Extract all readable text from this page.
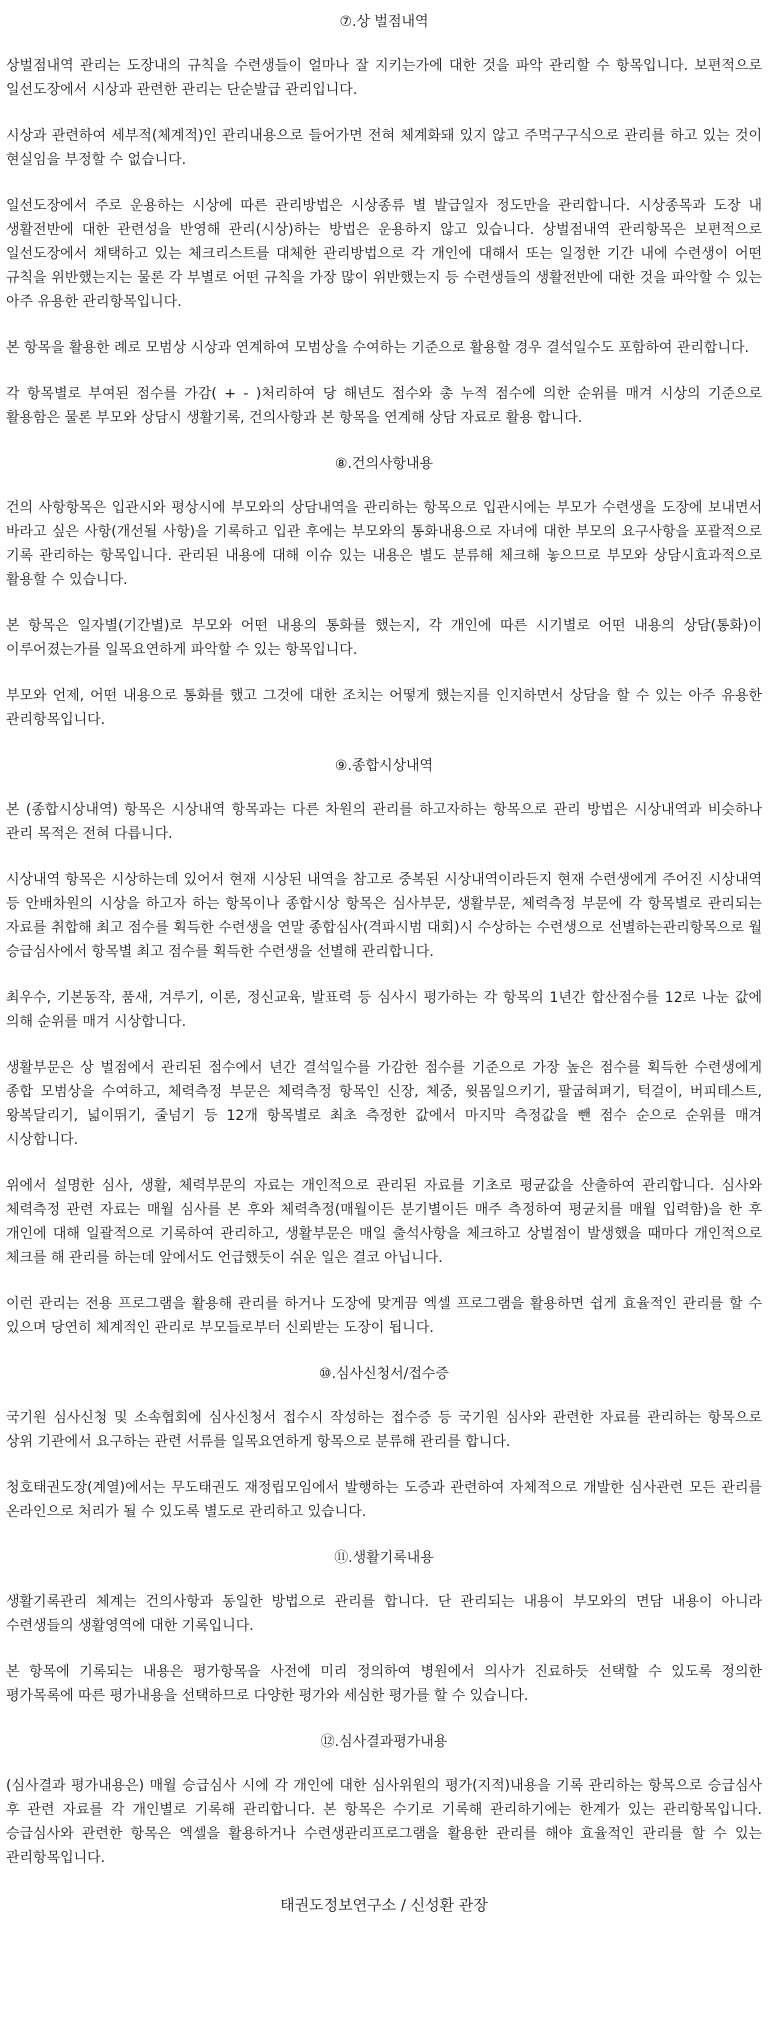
⑦.상 벌점내역

상벌점내역 관리는 도장내의 규칙을 수련생들이 얼마나 잘 지키는가에 대한 것을 파악 관리할 수 항목입니다. 보편적으로 일선도장에서 시상과 관련한 관리는 단순발급 관리입니다.

시상과 관련하여 세부적(체계적)인 관리내용으로 들어가면 전혀 체계화돼 있지 않고 주먹구구식으로 관리를 하고 있는 것이 현실임을 부정할 수 없습니다.

일선도장에서 주로 운용하는 시상에 따른 관리방법은 시상종류 별 발급일자 정도만을 관리합니다. 시상종목과 도장 내 생활전반에 대한 관련성을 반영해 관리(시상)하는 방법은 운용하지 않고 있습니다. 상벌점내역 관리항목은 보편적으로 일선도장에서 채택하고 있는 체크리스트를 대체한 관리방법으로 각 개인에 대해서 또는 일정한 기간 내에 수련생이 어떤 규칙을 위반했는지는 물론 각 부별로 어떤 규칙을 가장 많이 위반했는지 등 수련생들의 생활전반에 대한 것을 파악할 수 있는 아주 유용한 관리항목입니다.

본 항목을 활용한 례로 모범상 시상과 연계하여 모범상을 수여하는 기준으로 활용할 경우 결석일수도 포함하여 관리합니다.

각 항목별로 부여된 점수를 가감( + - )처리하여 당 해년도 점수와 총 누적 점수에 의한 순위를 매겨 시상의 기준으로 활용함은 물론 부모와 상담시 생활기록, 건의사항과 본 항목을 연계해 상담 자료로 활용 합니다.

⑧.건의사항내용

건의 사항항목은 입관시와 평상시에 부모와의 상담내역을 관리하는 항목으로 입관시에는 부모가 수련생을 도장에 보내면서 바라고 싶은 사항(개선될 사항)을 기록하고 입관 후에는 부모와의 통화내용으로 자녀에 대한 부모의 요구사항을 포괄적으로 기록 관리하는 항목입니다. 관리된 내용에 대해 이슈 있는 내용은 별도 분류해 체크해 놓으므로 부모와 상담시효과적으로 활용할 수 있습니다.

본 항목은 일자별(기간별)로 부모와 어떤 내용의 통화를 했는지, 각 개인에 따른 시기별로 어떤 내용의 상담(통화)이 이루어졌는가를 일목요연하게 파악할 수 있는 항목입니다.

부모와 언제, 어떤 내용으로 통화를 했고 그것에 대한 조치는 어떻게 했는지를 인지하면서 상담을 할 수 있는 아주 유용한 관리항목입니다.

⑨.종합시상내역

본 (종합시상내역) 항목은 시상내역 항목과는 다른 차원의 관리를 하고자하는 항목으로 관리 방법은 시상내역과 비슷하나 관리 목적은 전혀 다릅니다.

시상내역 항목은 시상하는데 있어서 현재 시상된 내역을 참고로 중복된 시상내역이라든지 현재 수련생에게 주어진 시상내역 등 안배차원의 시상을 하고자 하는 항목이나 종합시상 항목은 심사부문, 생활부문, 체력측정 부문에 각 항목별로 관리되는 자료를 취합해 최고 점수를 획득한 수련생을 연말 종합심사(격파시범 대회)시 수상하는 수련생으로 선별하는관리항목으로 월 승급심사에서 항목별 최고 점수를 획득한 수련생을 선별해 관리합니다.

최우수, 기본동작, 품새, 겨루기, 이론, 정신교육, 발표력 등 심사시 평가하는 각 항목의 1년간 합산점수를 12로 나눈 값에 의해 순위를 매겨 시상합니다.

생활부문은 상 벌점에서 관리된 점수에서 년간 결석일수를 가감한 점수를 기준으로 가장 높은 점수를 획득한 수련생에게 종합 모범상을 수여하고, 체력측정 부문은 체력측정 항목인 신장, 체중, 윗몸일으키기, 팔굽혀펴기, 턱걸이, 버피테스트, 왕복달리기, 넓이뛰기, 줄넘기 등 12개 항목별로 최초 측정한 값에서 마지막 측정값을 뺀 점수 순으로 순위를 매겨 시상합니다.

위에서 설명한 심사, 생활, 체력부문의 자료는 개인적으로 관리된 자료를 기초로 평균값을 산출하여 관리합니다. 심사와 체력측정 관련 자료는 매월 심사를 본 후와 체력측정(매월이든 분기별이든 매주 측정하여 평균치를 매월 입력함)을 한 후 개인에 대해 일괄적으로 기록하여 관리하고, 생활부문은 매일 출석사항을 체크하고 상벌점이 발생했을 때마다 개인적으로 체크를 해 관리를 하는데 앞에서도 언급했듯이 쉬운 일은 결코 아닙니다.

이런 관리는 전용 프로그램을 활용해 관리를 하거나 도장에 맞게끔 엑셀 프로그램을 활용하면 쉽게 효율적인 관리를 할 수 있으며 당연히 체계적인 관리로 부모들로부터 신뢰받는 도장이 됩니다.

⑩.심사신청서/접수증

국기원 심사신청 및 소속협회에 심사신청서 접수시 작성하는 접수증 등 국기원 심사와 관련한 자료를 관리하는 항목으로 상위 기관에서 요구하는 관련 서류를 일목요연하게 항목으로 분류해 관리를 합니다.

청호태권도장(계열)에서는 무도태권도 재정립모임에서 발행하는 도증과 관련하여 자체적으로 개발한 심사관련 모든 관리를 온라인으로 처리가 될 수 있도록 별도로 관리하고 있습니다.

⑪.생활기록내용

생활기록관리 체계는 건의사항과 동일한 방법으로 관리를 합니다. 단 관리되는 내용이 부모와의 면담 내용이 아니라 수련생들의 생활영역에 대한 기록입니다.

본 항목에 기록되는 내용은 평가항목을 사전에 미리 정의하여 병원에서 의사가 진료하듯 선택할 수 있도록 정의한 평가목록에 따른 평가내용을 선택하므로 다양한 평가와 세심한 평가를 할 수 있습니다.

⑫.심사결과평가내용

(심사결과 평가내용은) 매월 승급심사 시에 각 개인에 대한 심사위원의 평가(지적)내용을 기록 관리하는 항목으로 승급심사 후 관련 자료를 각 개인별로 기록해 관리합니다. 본 항목은 수기로 기록해 관리하기에는 한계가 있는 관리항목입니다. 승급심사와 관련한 항목은 엑셀을 활용하거나 수련생관리프로그램을 활용한 관리를 해야 효율적인 관리를 할 수 있는 관리항목입니다.

태권도정보연구소 / 신성환 관장
